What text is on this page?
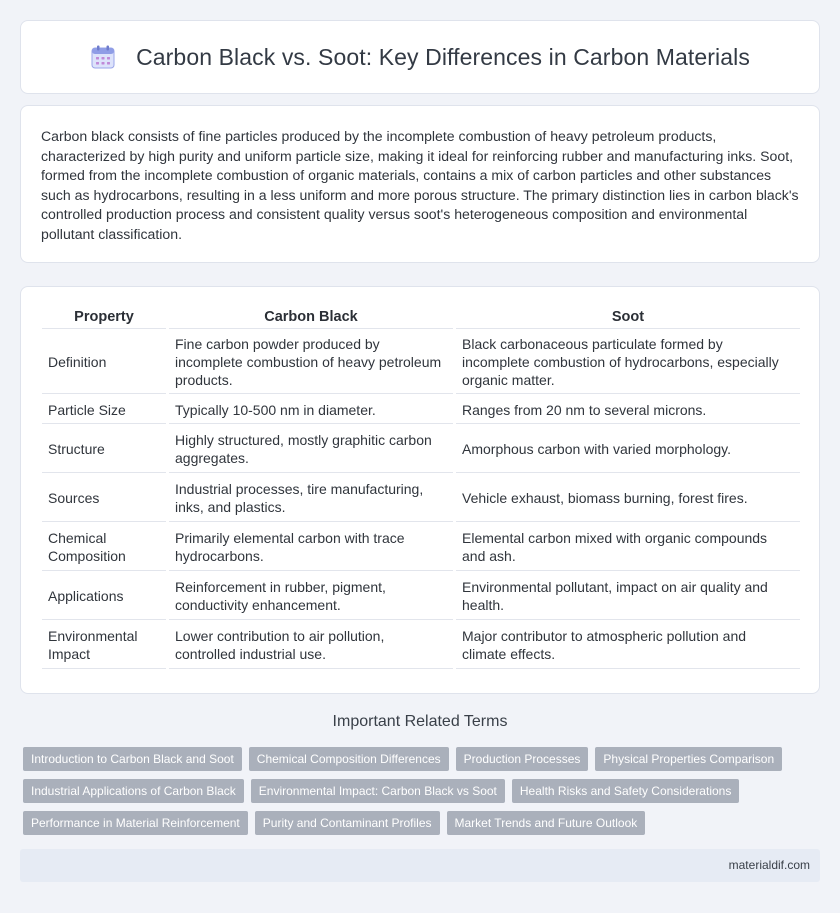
Carbon Black vs. Soot: Key Differences in Carbon Materials

Carbon black consists of fine particles produced by the incomplete combustion of heavy petroleum products, characterized by high purity and uniform particle size, making it ideal for reinforcing rubber and manufacturing inks. Soot, formed from the incomplete combustion of organic materials, contains a mix of carbon particles and other substances such as hydrocarbons, resulting in a less uniform and more porous structure. The primary distinction lies in carbon black's controlled production process and consistent quality versus soot's heterogeneous composition and environmental pollutant classification.

Property		Carbon Black		Soot
Definition		Fine carbon powder produced by incomplete combustion of heavy petroleum products.		Black carbonaceous particulate formed by incomplete combustion of hydrocarbons, especially organic matter.
Particle Size		Typically 10-500 nm in diameter.		Ranges from 20 nm to several microns.
Structure		Highly structured, mostly graphitic carbon aggregates.		Amorphous carbon with varied morphology.
Sources		Industrial processes, tire manufacturing, inks, and plastics.		Vehicle exhaust, biomass burning, forest fires.
Chemical Composition		Primarily elemental carbon with trace hydrocarbons.		Elemental carbon mixed with organic compounds and ash.
Applications		Reinforcement in rubber, pigment, conductivity enhancement.		Environmental pollutant, impact on air quality and health.
Environmental Impact		Lower contribution to air pollution, controlled industrial use.		Major contributor to atmospheric pollution and climate effects.
Important Related Terms
Introduction to Carbon Black and Soot	Chemical Composition Differences	Production Processes	Physical Properties Comparison
Industrial Applications of Carbon Black	Environmental Impact: Carbon Black vs Soot	Health Risks and Safety Considerations
Performance in Material Reinforcement	Purity and Contaminant Profiles	Market Trends and Future Outlook
materialdif.com
